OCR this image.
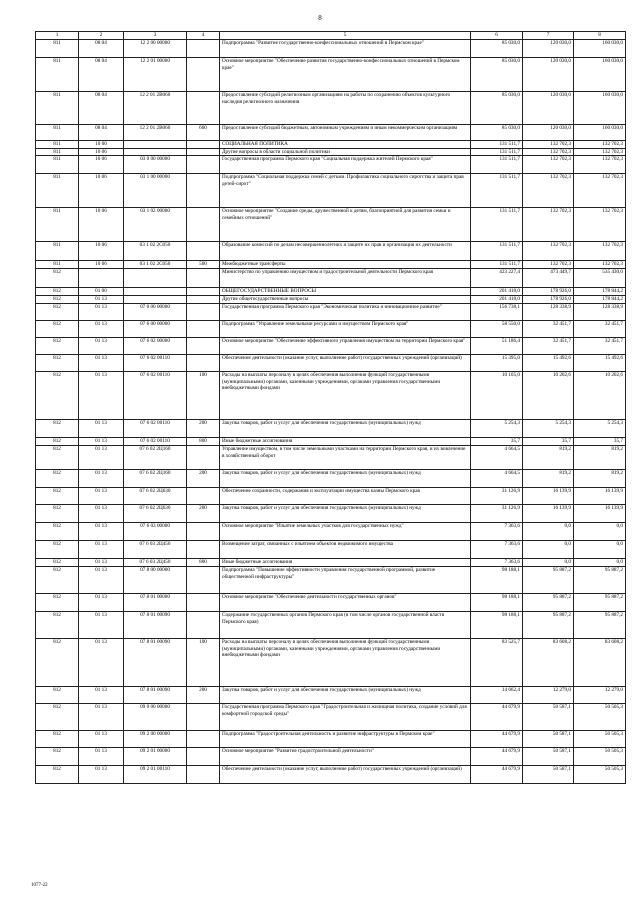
8
1	2	3	4	5	6	7	8
811	08 04	12 2 00 00000		Подпрограмма "Развитие государственно-конфессиональных отношений в Пермском крае"	85 030,0	120 030,0	160 030,0
811	08 04	12 2 01 00000		Основное мероприятие "Обеспечение развития государственно-конфессиональных отношений в Пермском крае"	85 030,0	120 030,0	160 030,0
811	08 04	12 2 01 2В060		Предоставление субсидий религиозным организациям на работы по сохранению объектов культурного наследия религиозного назначения	85 030,0	120 030,0	160 030,0
811	08 04	12 2 01 2В060	600	Предоставление субсидий бюджетным, автономным учреждениям и иным некоммерческим организациям	85 030,0	120 030,0	160 030,0
811	10 00			СОЦИАЛЬНАЯ ПОЛИТИКА	131 511,7	132 702,3	132 702,3
811	10 06			Другие вопросы в области социальной политики	131 511,7	132 702,3	132 702,3
811	10 06	03 0 00 00000		Государственная программа Пермского края "Социальная поддержка жителей Пермского края"	131 511,7	132 702,3	132 702,3
811	10 06	03 1 00 00000		Подпрограмма "Социальная поддержка семей с детьми. Профилактика социального сиротства и защита прав детей-сирот"	131 511,7	132 702,3	132 702,3
811	10 06	03 1 02 00000		Основное мероприятие "Создание среды, дружественной к детям, благоприятной для развития семьи и семейных отношений"	131 511,7	132 702,3	132 702,3
811	10 06	03 1 02 2С050		Образование комиссий по делам несовершеннолетних и защите их прав и организация их деятельности	131 511,7	132 702,3	132 702,3
811	10 06	03 1 02 2С050	500	Межбюджетные трансферты	131 511,7	132 702,3	132 702,3
812				Министерство по управлению имуществом и градостроительной деятельности Пермского края	423 227,4	473 449,7	535 430,0
812	01 00			ОБЩЕГОСУДАРСТВЕННЫЕ ВОПРОСЫ	201 418,0	178 926,0	178 844,2
812	01 13			Другие общегосударственные вопросы	201 418,0	178 926,0	178 844,2
812	01 13	07 0 00 00000		Государственная программа Пермского края "Экономическая политика и инновационное развитие"	156 738,1	128 338,9	128 338,9
812	01 13	07 6 00 00000		Подпрограмма "Управление земельными ресурсами и имуществом Пермского края"	58 550,0	32 451,7	32 451,7
812	01 13	07 6 02 00000		Основное мероприятие "Обеспечение эффективного управления имуществом на территории Пермского края"	51 186,4	32 451,7	32 451,7
812	01 13	07 6 02 00110		Обеспечение деятельности (оказание услуг, выполнение работ) государственных учреждений (организаций)	15 395,0	15 492,6	15 492,6
812	01 13	07 6 02 00110	100	Расходы на выплаты персоналу в целях обеспечения выполнения функций государственными (муниципальными) органами, казенными учреждениями, органами управления государственными внебюджетными фондами	10 105,0	10 202,6	10 202,6
812	01 13	07 6 02 00110	200	Закупка товаров, работ и услуг для обеспечения государственных (муниципальных) нужд	5 254,3	5 254,3	5 254,3
812	01 13	07 6 02 00110	800	Иные бюджетные ассигнования	35,7	35,7	35,7
812	01 13	07 6 02 2Ц160		Управление имуществом, в том числе земельными участками на территории Пермского края, и их вовлечение в хозяйственный оборот	4 664,5	819,2	819,2
812	01 13	07 6 02 2Ц160	200	Закупка товаров, работ и услуг для обеспечения государственных (муниципальных) нужд	4 664,5	819,2	819,2
812	01 13	07 6 02 2Ц630		Обеспечение сохранности, содержания и эксплуатации имущества казны Пермского края	31 126,9	16 139,9	16 139,9
812	01 13	07 6 02 2Ц630	200	Закупка товаров, работ и услуг для обеспечения государственных (муниципальных) нужд	31 126,9	16 139,9	16 139,9
812	01 13	07 6 03 00000		Основное мероприятие "Изъятие земельных участков для государственных нужд"	7 363,6	0,0	0,0
812	01 13	07 6 03 2Ц450		Возмещение затрат, связанных с изъятием объектов недвижимого имущества	7 363,6	0,0	0,0
812	01 13	07 6 03 2Ц450	800	Иные бюджетные ассигнования	7 363,6	0,0	0,0
812	01 13	07 8 00 00000		Подпрограмма "Повышение эффективности управления государственной программой, развитие общественной инфраструктуры"	98 188,1	95 887,2	95 887,2
812	01 13	07 8 01 00000		Основное мероприятие "Обеспечение деятельности государственных органов"	98 188,1	95 887,2	95 887,2
812	01 13	07 8 01 00090		Содержание государственных органов Пермского края (в том числе органов государственной власти Пермского края)	98 188,1	95 887,2	95 887,2
812	01 13	07 8 01 00090	100	Расходы на выплаты персоналу в целях обеспечения выполнения функций государственными (муниципальными) органами, казенными учреждениями, органами управления государственными внебюджетными фондами	83 525,7	83 608,2	83 608,2
812	01 13	07 8 01 00090	200	Закупка товаров, работ и услуг для обеспечения государственных (муниципальных) нужд	14 662,4	12 279,0	12 279,0
812	01 13	09 0 00 00000		Государственная программа Пермского края "Градостроительная и жилищная политика, создание условий для комфортной городской среды"	44 679,9	50 587,1	50 505,3
812	01 13	09 2 00 00000		Подпрограмма "Градостроительная деятельность и развитие инфраструктуры в Пермском крае"	44 679,9	50 587,1	50 505,3
812	01 13	09 2 01 00000		Основное мероприятие "Развитие градостроительной деятельности"	44 679,9	50 587,1	50 505,3
812	01 13	09 2 01 00110		Обеспечение деятельности (оказание услуг, выполнение работ) государственных учреждений (организаций)	44 679,9	50 587,1	50 505,3
1077-22
